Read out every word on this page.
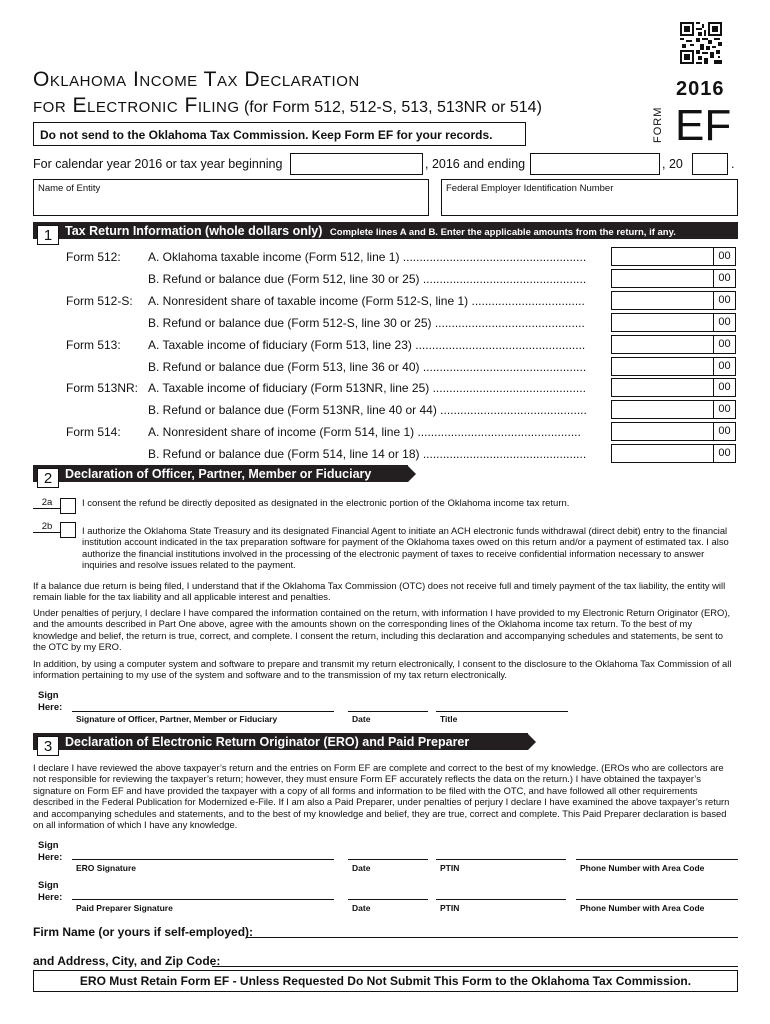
Oklahoma Income Tax Declaration
for Electronic Filing (for Form 512, 512-S, 513, 513NR or 514)
Do not send to the Oklahoma Tax Commission. Keep Form EF for your records.
2016
FORM EF
For calendar year 2016 or tax year beginning	, 2016 and ending	, 20	.
Name of Entity	Federal Employer Identification Number
Tax Return Information (whole dollars only) Complete lines A and B. Enter the applicable amounts from the return, if any.
1
Form 512: A. Oklahoma taxable income (Form 512, line 1) .......................................................	00
B. Refund or balance due (Form 512, line 30 or 25) .................................................	00
Form 512-S: A. Nonresident share of taxable income (Form 512-S, line 1) ..................................	00
B. Refund or balance due (Form 512-S, line 30 or 25) .............................................	00
Form 513: A. Taxable income of fiduciary (Form 513, line 23) ...................................................	00
B. Refund or balance due (Form 513, line 36 or 40) .................................................	00
Form 513NR: A. Taxable income of fiduciary (Form 513NR, line 25) ..............................................	00
B. Refund or balance due (Form 513NR, line 40 or 44) ............................................	00
Form 514: A. Nonresident share of income (Form 514, line 1) .................................................	00
B. Refund or balance due (Form 514, line 14 or 18) .................................................	00
Declaration of Officer, Partner, Member or Fiduciary
2
2a	I consent the refund be directly deposited as designated in the electronic portion of the Oklahoma income tax return.
2b	I authorize the Oklahoma State Treasury and its designated Financial Agent to initiate an ACH electronic funds withdrawal (direct debit) entry to the financial institution account indicated in the tax preparation software for payment of the Oklahoma taxes owed on this return and/or a payment of estimated tax. I also authorize the financial institutions involved in the processing of the electronic payment of taxes to receive confidential information necessary to answer inquiries and resolve issues related to the payment.
If a balance due return is being filed, I understand that if the Oklahoma Tax Commission (OTC) does not receive full and timely payment of the tax liability, the entity will remain liable for the tax liability and all applicable interest and penalties.
Under penalties of perjury, I declare I have compared the information contained on the return, with information I have provided to my Electronic Return Originator (ERO), and the amounts described in Part One above, agree with the amounts shown on the corresponding lines of the Oklahoma income tax return. To the best of my knowledge and belief, the return is true, correct, and complete. I consent the return, including this declaration and accompanying schedules and statements, be sent to the OTC by my ERO.
In addition, by using a computer system and software to prepare and transmit my return electronically, I consent to the disclosure to the Oklahoma Tax Commission of all information pertaining to my use of the system and software and to the transmission of my tax return electronically.
Sign
Here:
Signature of Officer, Partner, Member or Fiduciary	Date	Title
Declaration of Electronic Return Originator (ERO) and Paid Preparer
3
I declare I have reviewed the above taxpayer’s return and the entries on Form EF are complete and correct to the best of my knowledge. (EROs who are collectors are not responsible for reviewing the taxpayer’s return; however, they must ensure Form EF accurately reflects the data on the return.) I have obtained the taxpayer’s signature on Form EF and have provided the taxpayer with a copy of all forms and information to be filed with the OTC, and have followed all other requirements described in the Federal Publication for Modernized e-File. If I am also a Paid Preparer, under penalties of perjury I declare I have examined the above taxpayer’s return and accompanying schedules and statements, and to the best of my knowledge and belief, they are true, correct and complete. This Paid Preparer declaration is based on all information of which I have any knowledge.
Sign
Here:
ERO Signature	Date	PTIN	Phone Number with Area Code
Sign
Here:
Paid Preparer Signature	Date	PTIN	Phone Number with Area Code
Firm Name (or yours if self-employed):
and Address, City, and Zip Code:
ERO Must Retain Form EF - Unless Requested Do Not Submit This Form to the Oklahoma Tax Commission.
